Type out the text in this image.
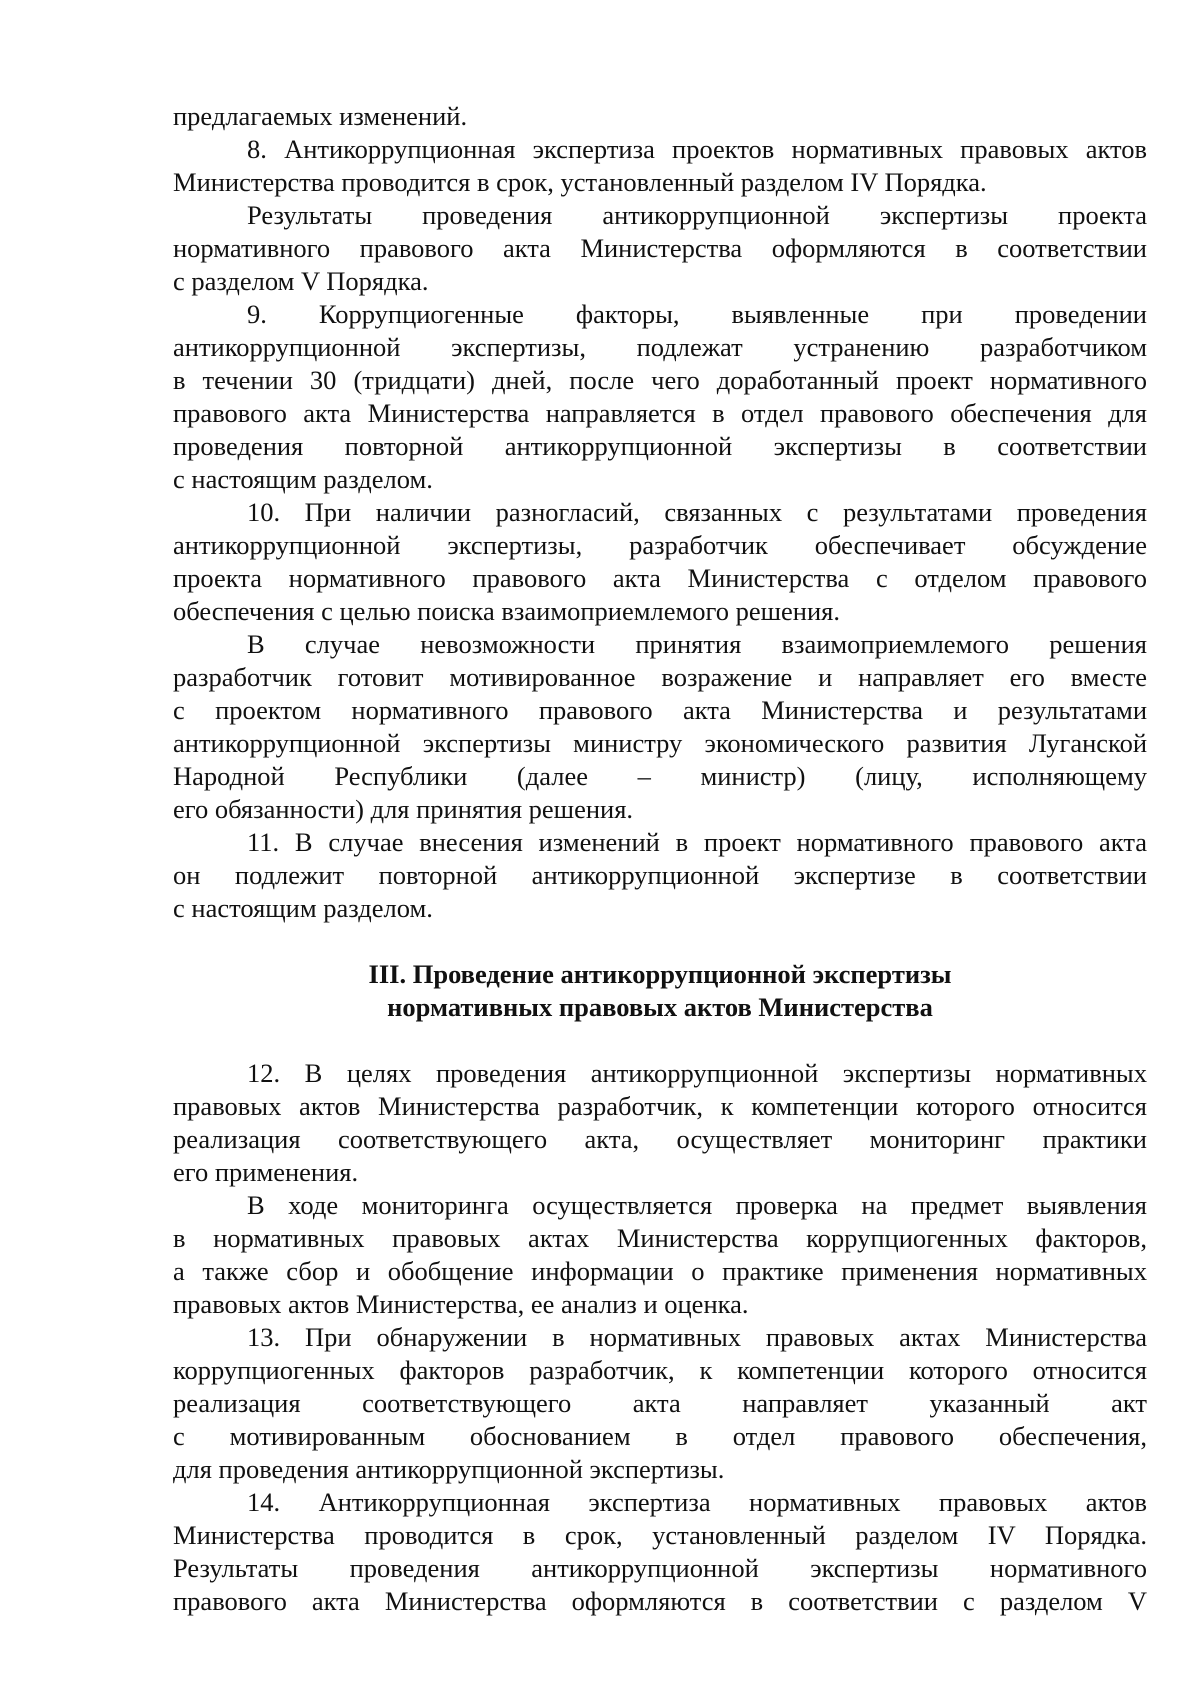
предлагаемых изменений.
8. Антикоррупционная экспертиза проектов нормативных правовых актов
Министерства проводится в срок, установленный разделом IV Порядка.
Результаты проведения антикоррупционной экспертизы проекта
нормативного правового акта Министерства оформляются в соответствии
с разделом V Порядка.
9. Коррупциогенные факторы, выявленные при проведении
антикоррупционной экспертизы, подлежат устранению разработчиком
в течении 30 (тридцати) дней, после чего доработанный проект нормативного
правового акта Министерства направляется в отдел правового обеспечения для
проведения повторной антикоррупционной экспертизы в соответствии
с настоящим разделом.
10. При наличии разногласий, связанных с результатами проведения
антикоррупционной экспертизы, разработчик обеспечивает обсуждение
проекта нормативного правового акта Министерства с отделом правового
обеспечения с целью поиска взаимоприемлемого решения.
В случае невозможности принятия взаимоприемлемого решения
разработчик готовит мотивированное возражение и направляет его вместе
с проектом нормативного правового акта Министерства и результатами
антикоррупционной экспертизы министру экономического развития Луганской
Народной Республики (далее – министр) (лицу, исполняющему
его обязанности) для принятия решения.
11. В случае внесения изменений в проект нормативного правового акта
он подлежит повторной антикоррупционной экспертизе в соответствии
с настоящим разделом.
III. Проведение антикоррупционной экспертизы
нормативных правовых актов Министерства
12. В целях проведения антикоррупционной экспертизы нормативных
правовых актов Министерства разработчик, к компетенции которого относится
реализация соответствующего акта, осуществляет мониторинг практики
его применения.
В ходе мониторинга осуществляется проверка на предмет выявления
в нормативных правовых актах Министерства коррупциогенных факторов,
а также сбор и обобщение информации о практике применения нормативных
правовых актов Министерства, ее анализ и оценка.
13. При обнаружении в нормативных правовых актах Министерства
коррупциогенных факторов разработчик, к компетенции которого относится
реализация соответствующего акта направляет указанный акт
с мотивированным обоснованием в отдел правового обеспечения,
для проведения антикоррупционной экспертизы.
14. Антикоррупционная экспертиза нормативных правовых актов
Министерства проводится в срок, установленный разделом IV Порядка.
Результаты проведения антикоррупционной экспертизы нормативного
правового акта Министерства оформляются в соответствии с разделом V
